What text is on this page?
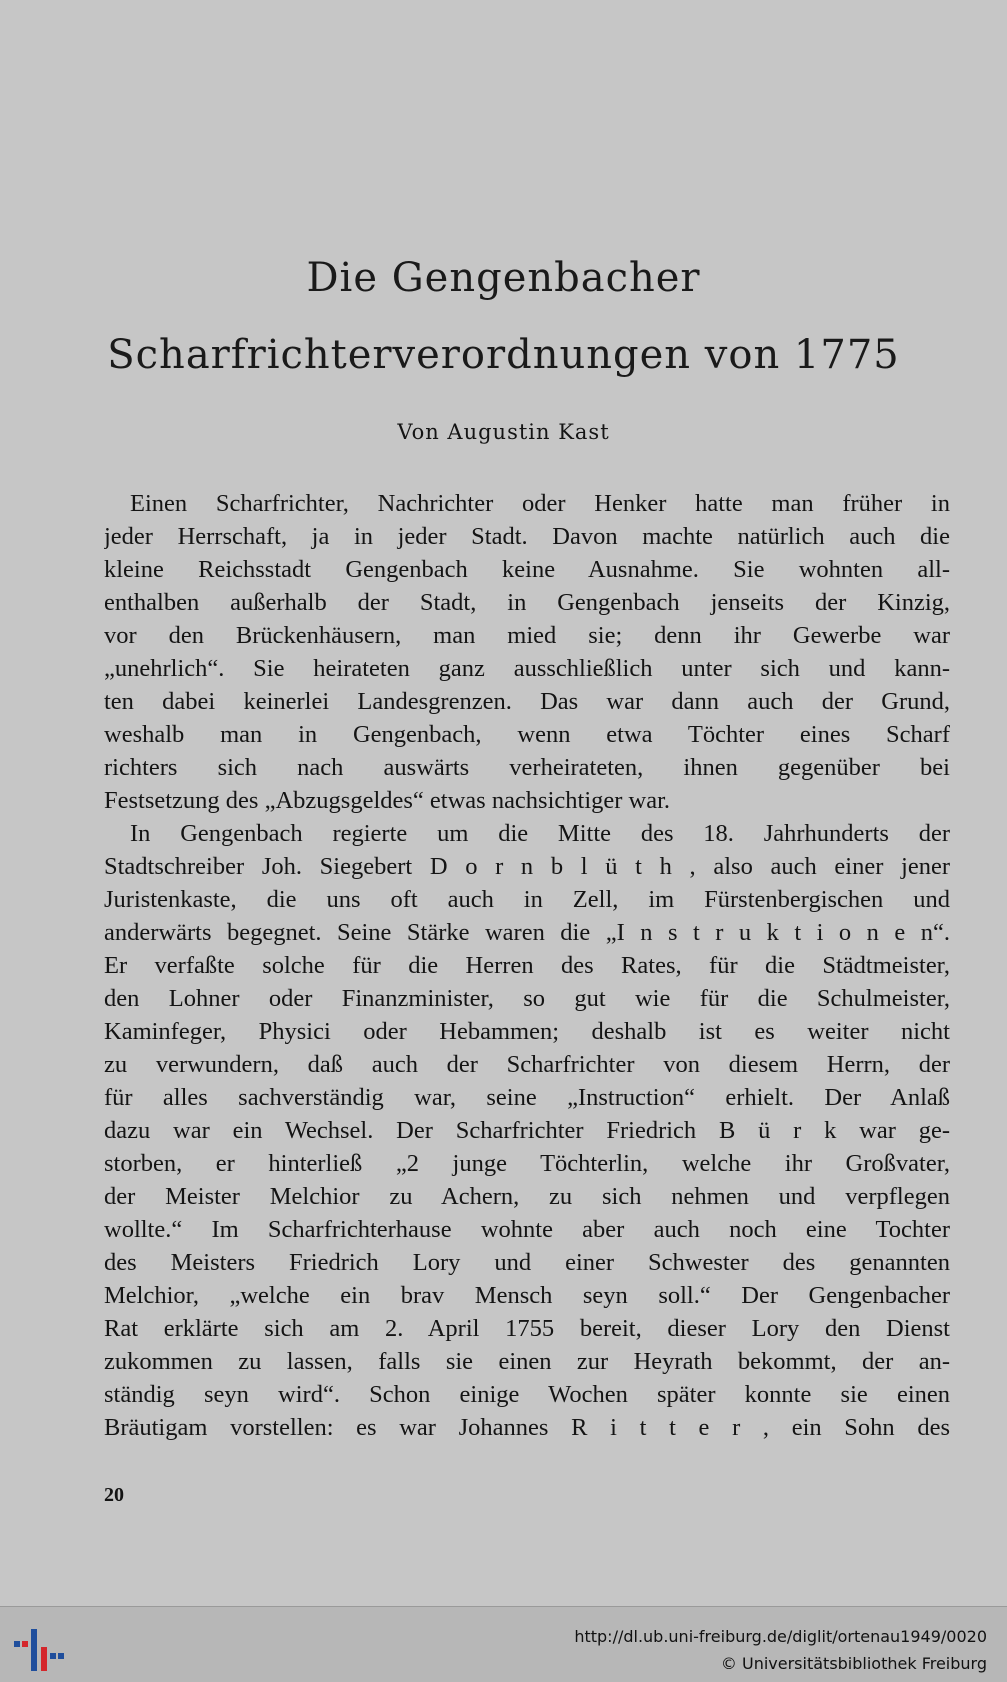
Die Gengenbacher
Scharfrichterverordnungen von 1775
Von Augustin Kast
Einen Scharfrichter, Nachrichter oder Henker hatte man früher in
jeder Herrschaft, ja in jeder Stadt. Davon machte natürlich auch die
kleine Reichsstadt Gengenbach keine Ausnahme. Sie wohnten all-
enthalben außerhalb der Stadt, in Gengenbach jenseits der Kinzig,
vor den Brückenhäusern, man mied sie; denn ihr Gewerbe war
„unehrlich“. Sie heirateten ganz ausschließlich unter sich und kann-
ten dabei keinerlei Landesgrenzen. Das war dann auch der Grund,
weshalb man in Gengenbach, wenn etwa Töchter eines Scharf
richters sich nach auswärts verheirateten, ihnen gegenüber bei
Festsetzung des „Abzugsgeldes“ etwas nachsichtiger war.
In Gengenbach regierte um die Mitte des 18. Jahrhunderts der
Stadtschreiber Joh. Siegebert D o r n b l ü t h , also auch einer jener
Juristenkaste, die uns oft auch in Zell, im Fürstenbergischen und
anderwärts begegnet. Seine Stärke waren die „I n s t r u k t i o n e n“.
Er verfaßte solche für die Herren des Rates, für die Städtmeister,
den Lohner oder Finanzminister, so gut wie für die Schulmeister,
Kaminfeger, Physici oder Hebammen; deshalb ist es weiter nicht
zu verwundern, daß auch der Scharfrichter von diesem Herrn, der
für alles sachverständig war, seine „Instruction“ erhielt. Der Anlaß
dazu war ein Wechsel. Der Scharfrichter Friedrich B ü r k war ge-
storben, er hinterließ „2 junge Töchterlin, welche ihr Großvater,
der Meister Melchior zu Achern, zu sich nehmen und verpflegen
wollte.“ Im Scharfrichterhause wohnte aber auch noch eine Tochter
des Meisters Friedrich Lory und einer Schwester des genannten
Melchior, „welche ein brav Mensch seyn soll.“ Der Gengenbacher
Rat erklärte sich am 2. April 1755 bereit, dieser Lory den Dienst
zukommen zu lassen, falls sie einen zur Heyrath bekommt, der an-
ständig seyn wird“. Schon einige Wochen später konnte sie einen
Bräutigam vorstellen: es war Johannes R i t t e r , ein Sohn des
20
http://dl.ub.uni-freiburg.de/diglit/ortenau1949/0020
© Universitätsbibliothek Freiburg
